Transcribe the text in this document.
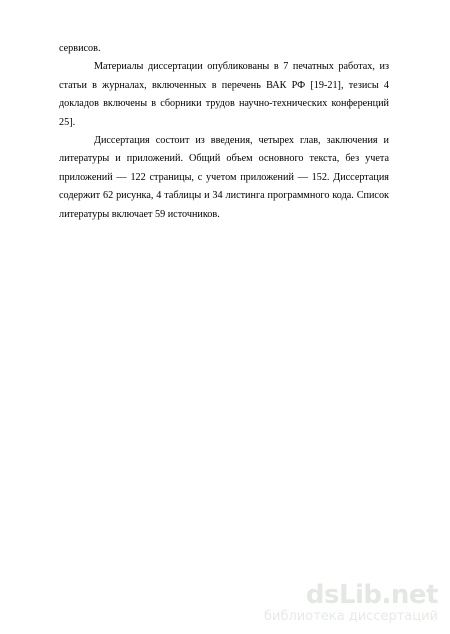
сервисов.
Материалы диссертации опубликованы в 7 печатных работах, из
статьи в журналах, включенных в перечень ВАК РФ [19-21], тезисы 4
докладов включены в сборники трудов научно-технических конференций
25].
Диссертация состоит из введения, четырех глав, заключения и
литературы и приложений. Общий объем основного текста, без учета
приложений — 122 страницы, с учетом приложений — 152. Диссертация
содержит 62 рисунка, 4 таблицы и 34 листинга программного кода. Список
литературы включает 59 источников.
dsLib.net
библиотека диссертаций
